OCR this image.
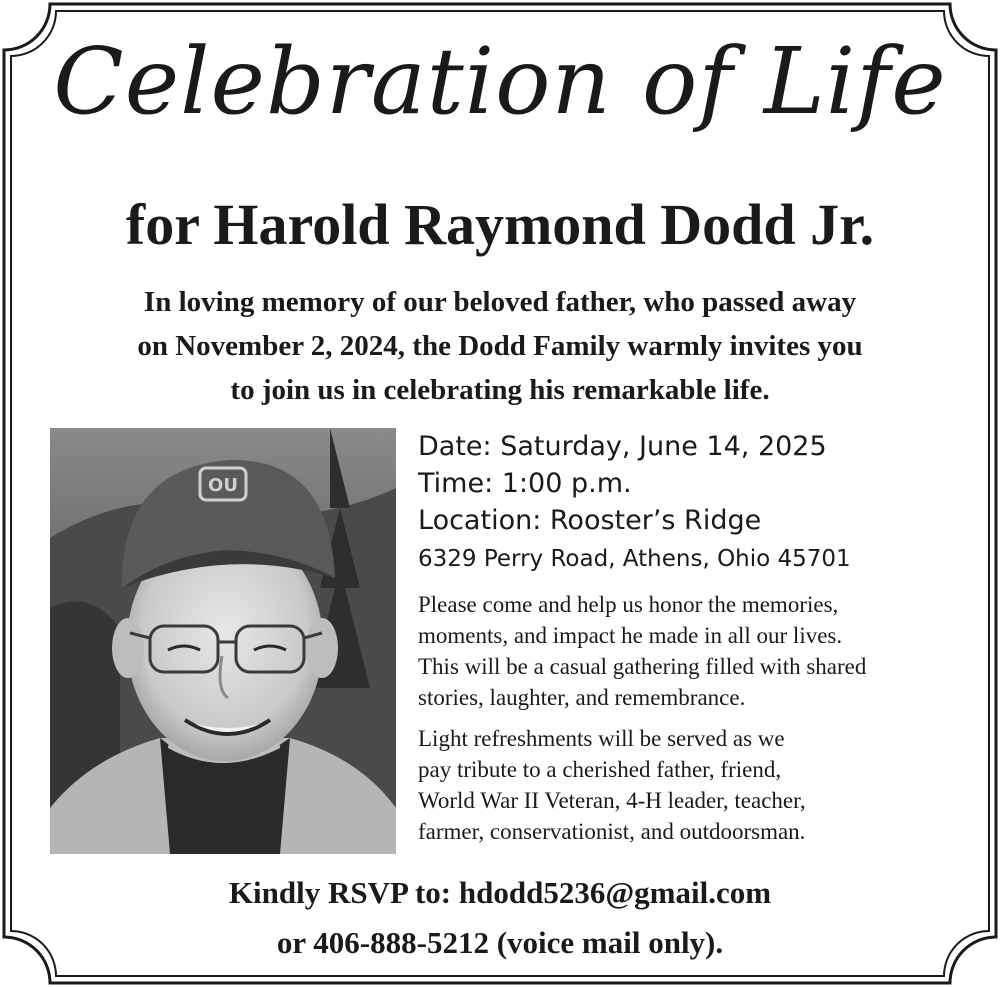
Celebration of Life
for Harold Raymond Dodd Jr.
In loving memory of our beloved father, who passed away
on November 2, 2024, the Dodd Family warmly invites you
to join us in celebrating his remarkable life.
OU
Date: Saturday, June 14, 2025
Time: 1:00 p.m.
Location: Rooster’s Ridge
6329 Perry Road, Athens, Ohio 45701
Please come and help us honor the memories,
moments, and impact he made in all our lives.
This will be a casual gathering filled with shared
stories, laughter, and remembrance.
Light refreshments will be served as we
pay tribute to a cherished father, friend,
World War II Veteran, 4-H leader, teacher,
farmer, conservationist, and outdoorsman.
Kindly RSVP to: hdodd5236@gmail.com
or 406-888-5212 (voice mail only).
